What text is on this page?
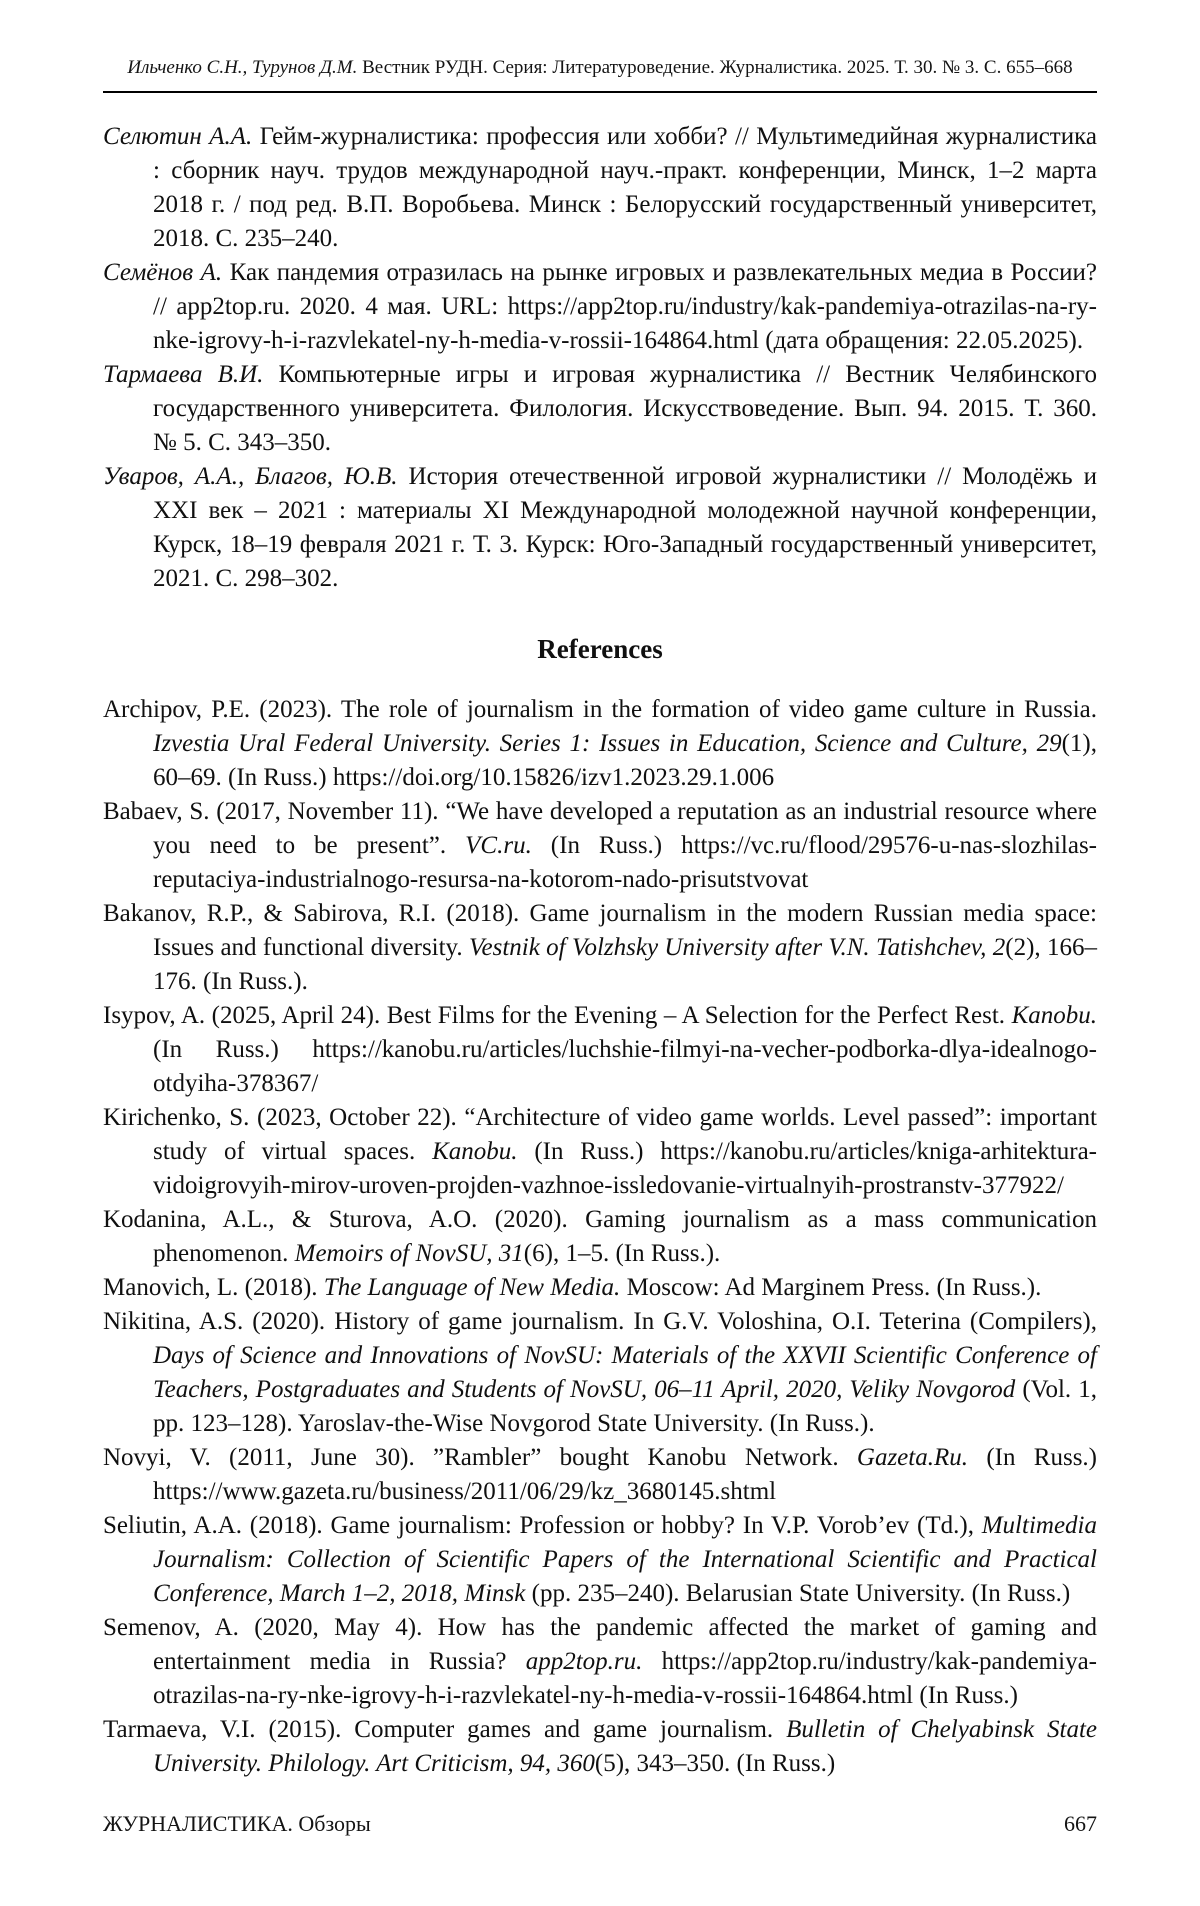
Ильченко С.Н., Турунов Д.М. Вестник РУДН. Серия: Литературоведение. Журналистика. 2025. Т. 30. № 3. С. 655–668

Селютин А.А. Гейм-журналистика: профессия или хобби? // Мультимедийная журналистика : сборник науч. трудов международной науч.-практ. конференции, Минск, 1–2 марта 2018 г. / под ред. В.П. Воробьева. Минск : Белорусский государственный университет, 2018. С. 235–240.

Семёнов А. Как пандемия отразилась на рынке игровых и развлекательных медиа в России? // app2top.ru. 2020. 4 мая. URL: https://app2top.ru/industry/kak-pandemiya-otrazilas-na-ry-nke-igrovy-h-i-razvlekatel-ny-h-media-v-rossii-164864.html (дата обращения: 22.05.2025).

Тармаева В.И. Компьютерные игры и игровая журналистика // Вестник Челябинского государственного университета. Филология. Искусствоведение. Вып. 94. 2015. Т. 360. № 5. С. 343–350.

Уваров, А.А., Благов, Ю.В. История отечественной игровой журналистики // Молодёжь и XXI век – 2021 : материалы XI Международной молодежной научной конференции, Курск, 18–19 февраля 2021 г. Т. 3. Курск: Юго-Западный государственный университет, 2021. С. 298–302.

References

Archipov, P.E. (2023). The role of journalism in the formation of video game culture in Russia. Izvestia Ural Federal University. Series 1: Issues in Education, Science and Culture, 29(1), 60–69. (In Russ.) https://doi.org/10.15826/izv1.2023.29.1.006

Babaev, S. (2017, November 11). “We have developed a reputation as an industrial resource where you need to be present”. VC.ru. (In Russ.) https://vc.ru/flood/29576-u-nas-slozhilas-reputaciya-industrialnogo-resursa-na-kotorom-nado-prisutstvovat

Bakanov, R.P., & Sabirova, R.I. (2018). Game journalism in the modern Russian media space: Issues and functional diversity. Vestnik of Volzhsky University after V.N. Tatishchev, 2(2), 166–176. (In Russ.).

Isypov, A. (2025, April 24). Best Films for the Evening – A Selection for the Perfect Rest. Kanobu. (In Russ.) https://kanobu.ru/articles/luchshie-filmyi-na-vecher-podborka-dlya-idealnogo-otdyiha-378367/

Kirichenko, S. (2023, October 22). “Architecture of video game worlds. Level passed”: important study of virtual spaces. Kanobu. (In Russ.) https://kanobu.ru/articles/kniga-arhitektura-vidoigrovyih-mirov-uroven-projden-vazhnoe-issledovanie-virtualnyih-prostranstv-377922/

Kodanina, A.L., & Sturova, A.O. (2020). Gaming journalism as a mass communication phenomenon. Memoirs of NovSU, 31(6), 1–5. (In Russ.).

Manovich, L. (2018). The Language of New Media. Moscow: Ad Marginem Press. (In Russ.).

Nikitina, A.S. (2020). History of game journalism. In G.V. Voloshina, O.I. Teterina (Compilers), Days of Science and Innovations of NovSU: Materials of the XXVII Scientific Conference of Teachers, Postgraduates and Students of NovSU, 06–11 April, 2020, Veliky Novgorod (Vol. 1, pp. 123–128). Yaroslav-the-Wise Novgorod State University. (In Russ.).

Novyi, V. (2011, June 30). ”Rambler” bought Kanobu Network. Gazeta.Ru. (In Russ.) https://www.gazeta.ru/business/2011/06/29/kz_3680145.shtml

Seliutin, A.A. (2018). Game journalism: Profession or hobby? In V.P. Vorob’ev (Td.), Multimedia Journalism: Collection of Scientific Papers of the International Scientific and Practical Conference, March 1–2, 2018, Minsk (pp. 235–240). Belarusian State University. (In Russ.)

Semenov, A. (2020, May 4). How has the pandemic affected the market of gaming and entertainment media in Russia? app2top.ru. https://app2top.ru/industry/kak-pandemiya-otrazilas-na-ry-nke-igrovy-h-i-razvlekatel-ny-h-media-v-rossii-164864.html (In Russ.)

Tarmaeva, V.I. (2015). Computer games and game journalism. Bulletin of Chelyabinsk State University. Philology. Art Criticism, 94, 360(5), 343–350. (In Russ.)

ЖУРНАЛИСТИКА. Обзоры	667
